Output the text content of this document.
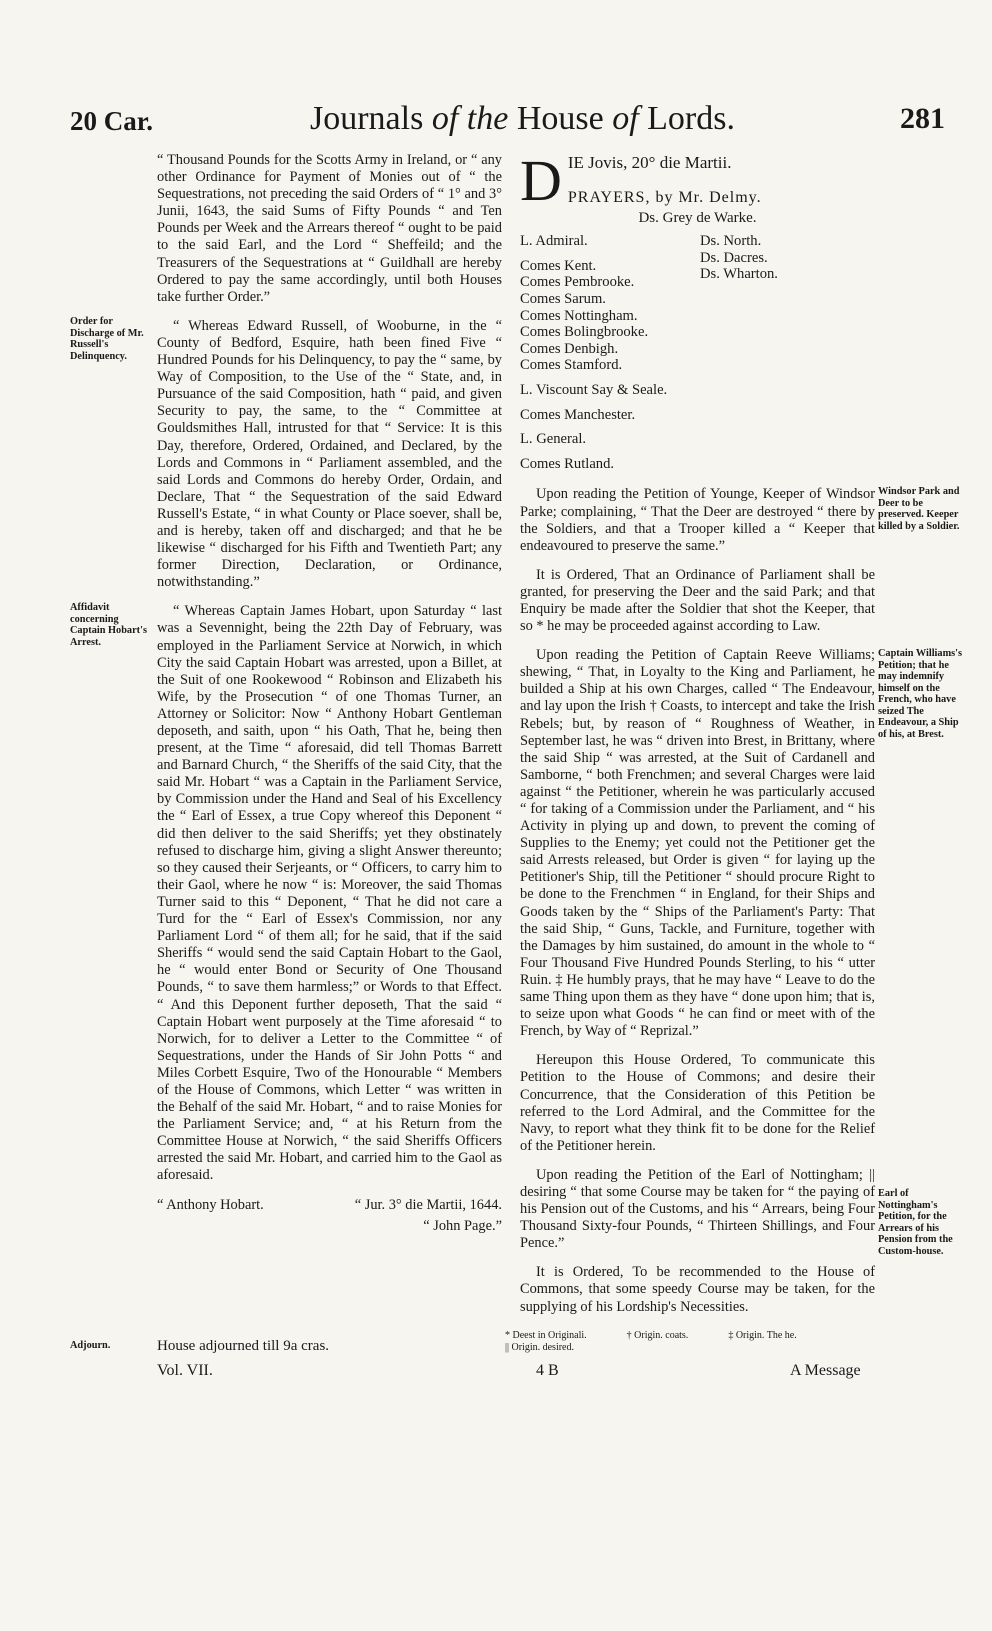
20 Car.	Journals of the House of Lords.	281
Order for Discharge of Mr. Russell's Delinquency.
Affidavit concerning Captain Hobart's Arrest.
Adjourn.
Windsor Park and Deer to be preserved. Keeper killed by a Soldier.
Captain Williams's Petition; that he may indemnify himself on the French, who have seized The Endeavour, a Ship of his, at Brest.
Earl of Nottingham's Petition, for the Arrears of his Pension from the Custom-house.

“ Thousand Pounds for the Scotts Army in Ireland, or “ any other Ordinance for Payment of Monies out of “ the Sequestrations, not preceding the said Orders of “ 1° and 3° Junii, 1643, the said Sums of Fifty Pounds “ and Ten Pounds per Week and the Arrears thereof “ ought to be paid to the said Earl, and the Lord “ Sheffeild; and the Treasurers of the Sequestrations at “ Guildhall are hereby Ordered to pay the same accordingly, until both Houses take further Order.”

“ Whereas Edward Russell, of Wooburne, in the “ County of Bedford, Esquire, hath been fined Five “ Hundred Pounds for his Delinquency, to pay the “ same, by Way of Composition, to the Use of the “ State, and, in Pursuance of the said Composition, hath “ paid, and given Security to pay, the same, to the “ Committee at Gouldsmithes Hall, intrusted for that “ Service: It is this Day, therefore, Ordered, Ordained, and Declared, by the Lords and Commons in “ Parliament assembled, and the said Lords and Commons do hereby Order, Ordain, and Declare, That “ the Sequestration of the said Edward Russell's Estate, “ in what County or Place soever, shall be, and is hereby, taken off and discharged; and that he be likewise “ discharged for his Fifth and Twentieth Part; any former Direction, Declaration, or Ordinance, notwithstanding.”

“ Whereas Captain James Hobart, upon Saturday “ last was a Sevennight, being the 22th Day of February, was employed in the Parliament Service at Norwich, in which City the said Captain Hobart was arrested, upon a Billet, at the Suit of one Rookewood “ Robinson and Elizabeth his Wife, by the Prosecution “ of one Thomas Turner, an Attorney or Solicitor: Now “ Anthony Hobart Gentleman deposeth, and saith, upon “ his Oath, That he, being then present, at the Time “ aforesaid, did tell Thomas Barrett and Barnard Church, “ the Sheriffs of the said City, that the said Mr. Hobart “ was a Captain in the Parliament Service, by Commission under the Hand and Seal of his Excellency the “ Earl of Essex, a true Copy whereof this Deponent “ did then deliver to the said Sheriffs; yet they obstinately refused to discharge him, giving a slight Answer thereunto; so they caused their Serjeants, or “ Officers, to carry him to their Gaol, where he now “ is: Moreover, the said Thomas Turner said to this “ Deponent, “ That he did not care a Turd for the “ Earl of Essex's Commission, nor any Parliament Lord “ of them all; for he said, that if the said Sheriffs “ would send the said Captain Hobart to the Gaol, he “ would enter Bond or Security of One Thousand Pounds, “ to save them harmless;” or Words to that Effect. “ And this Deponent further deposeth, That the said “ Captain Hobart went purposely at the Time aforesaid “ to Norwich, for to deliver a Letter to the Committee “ of Sequestrations, under the Hands of Sir John Potts “ and Miles Corbett Esquire, Two of the Honourable “ Members of the House of Commons, which Letter “ was written in the Behalf of the said Mr. Hobart, “ and to raise Monies for the Parliament Service; and, “ at his Return from the Committee House at Norwich, “ the said Sheriffs Officers arrested the said Mr. Hobart, and carried him to the Gaol as aforesaid.

“ Anthony Hobart.	“ Jur. 3° die Martii, 1644.
“ John Page.”
House adjourned till 9a cras.
D IE Jovis, 20° die Martii.
PRAYERS, by Mr. Delmy.
Ds. Grey de Warke.
L. Admiral.
Comes Kent.
Comes Pembrooke.
Comes Sarum.
Comes Nottingham.
Comes Bolingbrooke.
Comes Denbigh.
Comes Stamford.
L. Viscount Say & Seale.
Comes Manchester.
L. General.
Comes Rutland.
Ds. North.
Ds. Dacres.
Ds. Wharton.

Upon reading the Petition of Younge, Keeper of Windsor Parke; complaining, “ That the Deer are destroyed “ there by the Soldiers, and that a Trooper killed a “ Keeper that endeavoured to preserve the same.”

It is Ordered, That an Ordinance of Parliament shall be granted, for preserving the Deer and the said Park; and that Enquiry be made after the Soldier that shot the Keeper, that so * he may be proceeded against according to Law.

Upon reading the Petition of Captain Reeve Williams; shewing, “ That, in Loyalty to the King and Parliament, he builded a Ship at his own Charges, called “ The Endeavour, and lay upon the Irish † Coasts, to intercept and take the Irish Rebels; but, by reason of “ Roughness of Weather, in September last, he was “ driven into Brest, in Brittany, where the said Ship “ was arrested, at the Suit of Cardanell and Samborne, “ both Frenchmen; and several Charges were laid against “ the Petitioner, wherein he was particularly accused “ for taking of a Commission under the Parliament, and “ his Activity in plying up and down, to prevent the coming of Supplies to the Enemy; yet could not the Petitioner get the said Arrests released, but Order is given “ for laying up the Petitioner's Ship, till the Petitioner “ should procure Right to be done to the Frenchmen “ in England, for their Ships and Goods taken by the “ Ships of the Parliament's Party: That the said Ship, “ Guns, Tackle, and Furniture, together with the Damages by him sustained, do amount in the whole to “ Four Thousand Five Hundred Pounds Sterling, to his “ utter Ruin. ‡ He humbly prays, that he may have “ Leave to do the same Thing upon them as they have “ done upon him; that is, to seize upon what Goods “ he can find or meet with of the French, by Way of “ Reprizal.”

Hereupon this House Ordered, To communicate this Petition to the House of Commons; and desire their Concurrence, that the Consideration of this Petition be referred to the Lord Admiral, and the Committee for the Navy, to report what they think fit to be done for the Relief of the Petitioner herein.

Upon reading the Petition of the Earl of Nottingham; || desiring “ that some Course may be taken for “ the paying of his Pension out of the Customs, and his “ Arrears, being Four Thousand Sixty-four Pounds, “ Thirteen Shillings, and Four Pence.”

It is Ordered, To be recommended to the House of Commons, that some speedy Course may be taken, for the supplying of his Lordship's Necessities.

* Deest in Originali.	† Origin. coats.	‡ Origin. The he.
|| Origin. desired.
Vol. VII.	4 B	A Message
